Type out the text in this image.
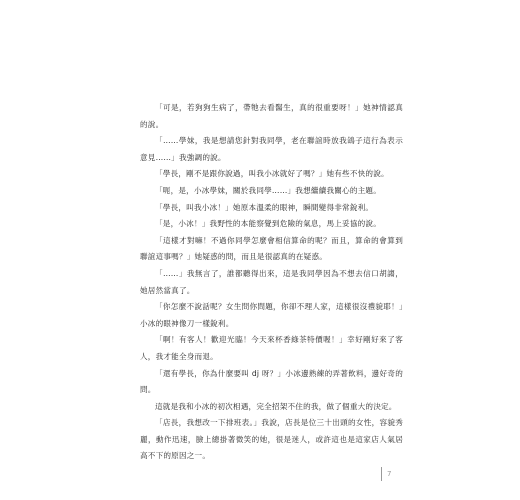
「可是，若狗狗生病了，帶牠去看醫生，真的很重要呀！」她神情認真的說。

「……學妹，我是想請您針對我同學，老在聯誼時放我鴿子這行為表示意見……」我強調的說。

「學長，剛不是跟你說過，叫我小冰就好了嗎？」她有些不快的說。

「呃，是，小冰學妹，關於我同學……」我想繼續我關心的主題。

「學長，叫我小冰！」她原本溫柔的眼神，瞬間變得非常銳利。

「是，小冰！」我野性的本能察覺到危險的氣息，馬上妥協的說。

「這樣才對嘛！不過你同學怎麼會相信算命的呢？而且，算命的會算到聯誼這事嗎？」她疑惑的問，而且是很認真的在疑惑。

「……」我無言了，誰都聽得出來，這是我同學因為不想去信口胡謅，她居然當真了。

「你怎麼不說話呢？女生問你問題，你卻不理人家，這樣很沒禮貌耶！」小冰的眼神像刀一樣銳利。

「啊！有客人！歡迎光臨！今天來杯香綠茶特價喔！」幸好剛好來了客人，我才能全身而退。

「還有學長，你為什麼要叫 dj 呀？」小冰邊熟練的弄著飲料，邊好奇的問。

這就是我和小冰的初次相遇，完全招架不住的我，做了個重大的決定。

「店長，我想改一下排班表。」我說，店長是位三十出頭的女性，容貌秀麗，動作迅速，臉上總掛著微笑的她，很是迷人，或許這也是這家店人氣居高不下的原因之一。

7
